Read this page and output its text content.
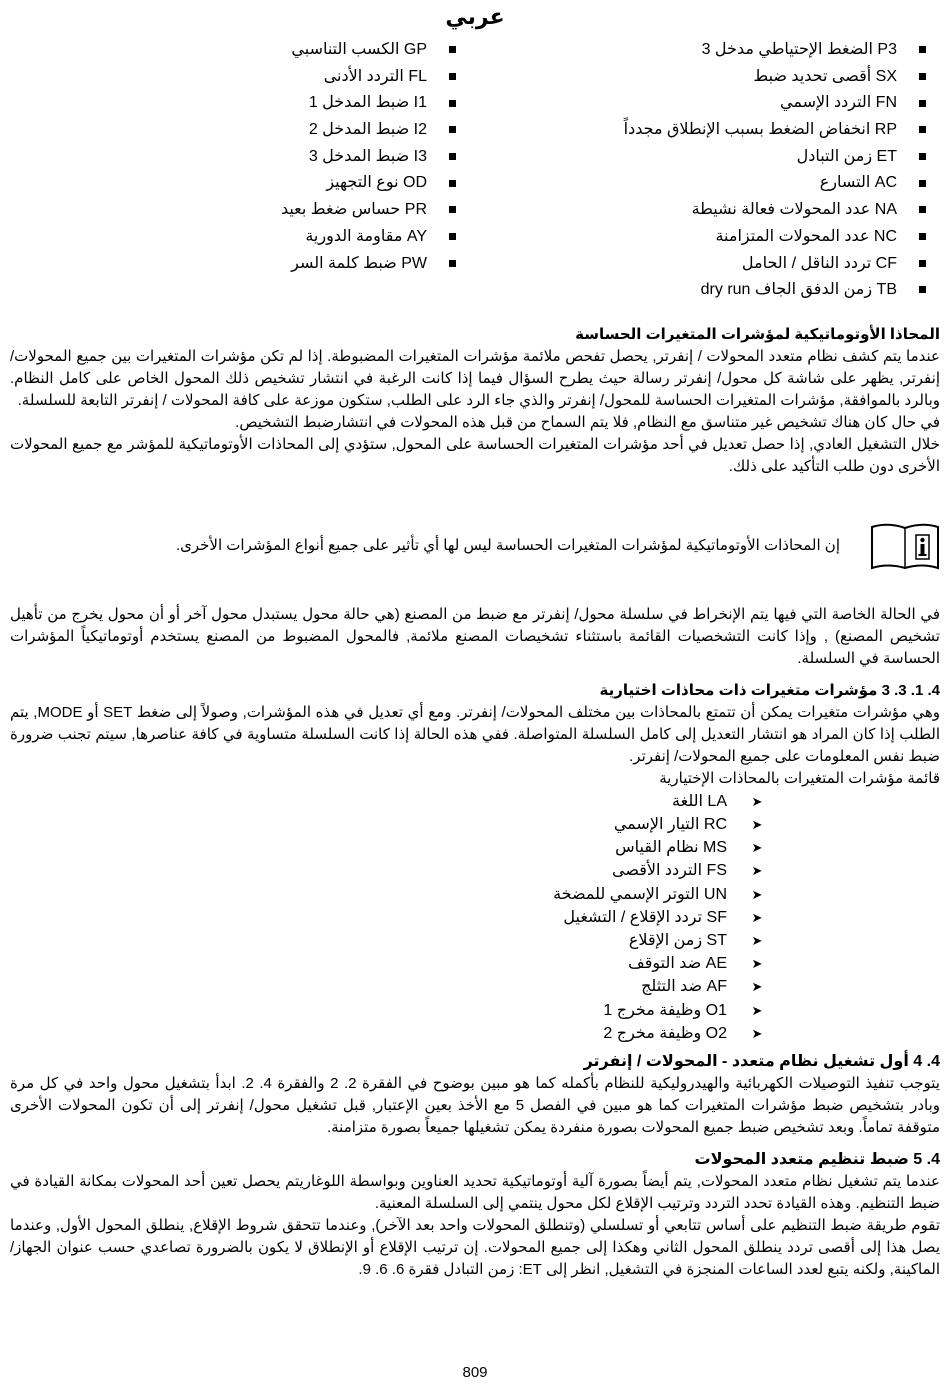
عربي
P3 الضغط الإحتياطي مدخل 3
SX أقصى تحديد ضبط
FN التردد الإسمي
RP انخفاض الضغط بسبب الإنطلاق مجدداً
ET زمن التبادل
AC التسارع
NA عدد المحولات فعالة نشيطة
NC عدد المحولات المتزامنة
CF تردد الناقل / الحامل
TB زمن الدفق الجاف dry run
GP الكسب التناسبي
FL التردد الأدنى
I1 ضبط المدخل 1
I2 ضبط المدخل 2
I3 ضبط المدخل 3
OD نوع التجهيز
PR حساس ضغط بعيد
AY مقاومة الدورية
PW ضبط كلمة السر
المحاذا الأوتوماتيكية لمؤشرات المتغيرات الحساسة

عندما يتم كشف نظام متعدد المحولات / إنفرتر, يحصل تفحص ملائمة مؤشرات المتغيرات المضبوطة. إذا لم تكن مؤشرات المتغيرات بين جميع المحولات/ إنفرتر, يظهر على شاشة كل محول/ إنفرتر رسالة حيث يطرح السؤال فيما إذا كانت الرغبة في انتشار تشخيص ذلك المحول الخاص على كامل النظام. وبالرد بالموافقة, مؤشرات المتغيرات الحساسة للمحول/ إنفرتر والذي جاء الرد على الطلب, ستكون موزعة على كافة المحولات / إنفرتر التابعة للسلسلة.

في حال كان هناك تشخيص غير متناسق مع النظام, فلا يتم السماح من قبل هذه المحولات في انتشارضبط التشخيص.

خلال التشغيل العادي, إذا حصل تعديل في أحد مؤشرات المتغيرات الحساسة على المحول, ستؤدي إلى المحاذات الأوتوماتيكية للمؤشر مع جميع المحولات الأخرى دون طلب التأكيد على ذلك.

إن المحاذات الأوتوماتيكية لمؤشرات المتغيرات الحساسة ليس لها أي تأثير على جميع أنواع المؤشرات الأخرى.

في الحالة الخاصة التي فيها يتم الإنخراط في سلسلة محول/ إنفرتر مع ضبط من المصنع (هي حالة محول يستبدل محول آخر أو أن محول يخرج من تأهيل تشخيص المصنع) , وإذا كانت التشخصيات القائمة باستثناء تشخيصات المصنع ملائمة, فالمحول المضبوط من المصنع يستخدم أوتوماتيكياً المؤشرات الحساسة في السلسلة.

4. 1. 3. 3 مؤشرات متغيرات ذات محاذات اختيارية

وهي مؤشرات متغيرات يمكن أن تتمتع بالمحاذات بين مختلف المحولات/ إنفرتر. ومع أي تعديل في هذه المؤشرات, وصولاً إلى ضغط SET أو MODE, يتم الطلب إذا كان المراد هو انتشار التعديل إلى كامل السلسلة المتواصلة. ففي هذه الحالة إذا كانت السلسلة متساوية في كافة عناصرها, سيتم تجنب ضرورة ضبط نفس المعلومات على جميع المحولات/ إنفرتر.

قائمة مؤشرات المتغيرات بالمحاذات الإختيارية
➤LA اللغة
➤RC التيار الإسمي
➤MS نظام القياس
➤FS التردد الأقصى
➤UN التوتر الإسمي للمضخة
➤SF تردد الإقلاع / التشغيل
➤ST زمن الإقلاع
➤AE ضد التوقف
➤AF ضد التثلج
➤O1 وظيفة مخرج 1
➤O2 وظيفة مخرج 2
4. 4 أول تشغيل نظام متعدد - المحولات / إنفرتر

يتوجب تنفيذ التوصيلات الكهربائية والهيدروليكية للنظام بأكمله كما هو مبين بوضوح في الفقرة 2. 2 والفقرة 4. 2. ابدأ بتشغيل محول واحد في كل مرة وبادر بتشخيص ضبط مؤشرات المتغيرات كما هو مبين في الفصل 5 مع الأخذ بعين الإعتبار, قبل تشغيل محول/ إنفرتر إلى أن تكون المحولات الأخرى متوقفة تماماً. وبعد تشخيص ضبط جميع المحولات بصورة منفردة يمكن تشغيلها جميعاً بصورة متزامنة.

4. 5 ضبط تنظيم متعدد المحولات

عندما يتم تشغيل نظام متعدد المحولات, يتم أيضاً بصورة آلية أوتوماتيكية تحديد العناوين وبواسطة اللوغاريتم يحصل تعين أحد المحولات بمكانة القيادة في ضبط التنظيم. وهذه القيادة تحدد التردد وترتيب الإقلاع لكل محول ينتمي إلى السلسلة المعنية.

تقوم طريقة ضبط التنظيم على أساس تتابعي أو تسلسلي (وتنطلق المحولات واحد بعد الآخر), وعندما تتحقق شروط الإقلاع, ينطلق المحول الأول, وعندما يصل هذا إلى أقصى تردد ينطلق المحول الثاني وهكذا إلى جميع المحولات. إن ترتيب الإقلاع أو الإنطلاق لا يكون بالضرورة تصاعدي حسب عنوان الجهاز/ الماكينة, ولكنه يتبع لعدد الساعات المنجزة في التشغيل, انظر إلى ET: زمن التبادل فقرة 6. 6. 9.

809
